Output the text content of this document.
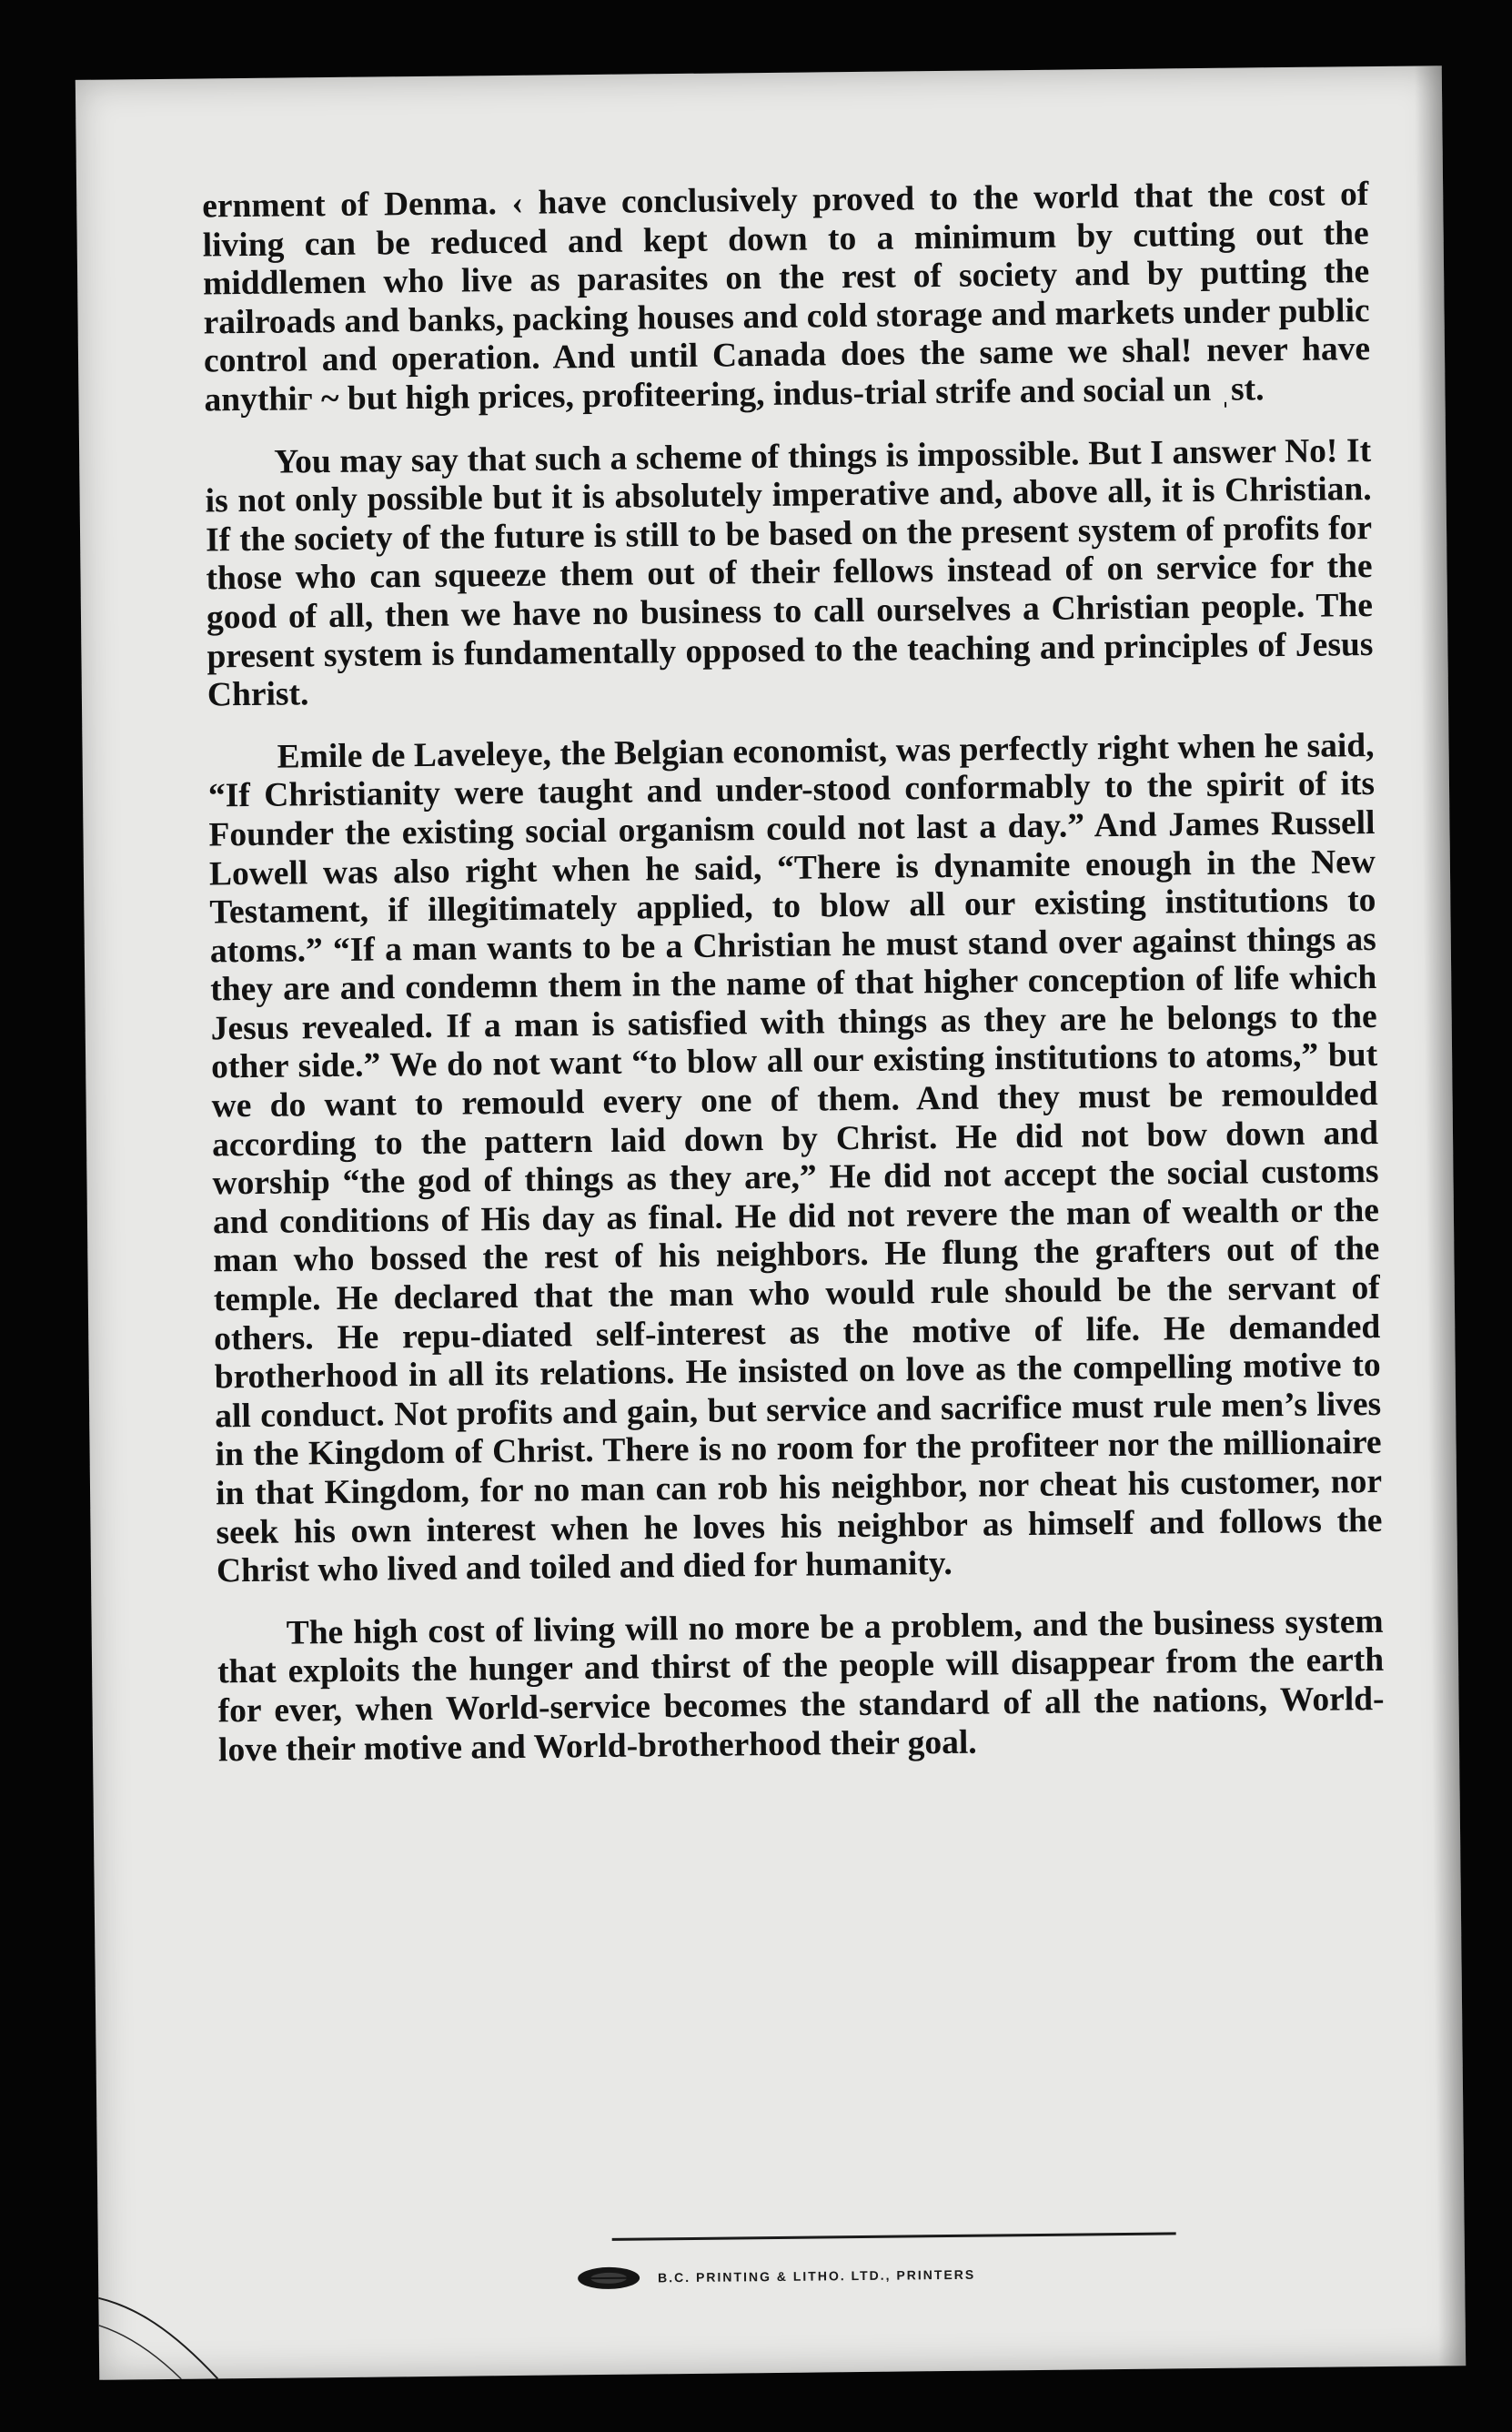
ernment of Denma. ‹ have conclusively proved to the world that the cost of living can be reduced and kept down to a minimum by cutting out the middlemen who live as parasites on the rest of society and by putting the railroads and banks, packing houses and cold storage and markets under public control and operation. And until Canada does the same we shal! never have anythiг ~ but high prices, profiteering, indus-trial strife and social un ˌst.

You may say that such a scheme of things is impossible. But I answer No! It is not only possible but it is absolutely imperative and, above all, it is Christian. If the society of the future is still to be based on the present system of profits for those who can squeeze them out of their fellows instead of on service for the good of all, then we have no business to call ourselves a Christian people. The present system is fundamentally opposed to the teaching and principles of Jesus Christ.

Emile de Laveleye, the Belgian economist, was perfectly right when he said, “If Christianity were taught and under-stood conformably to the spirit of its Founder the existing social organism could not last a day.” And James Russell Lowell was also right when he said, “There is dynamite enough in the New Testament, if illegitimately applied, to blow all our existing institutions to atoms.” “If a man wants to be a Christian he must stand over against things as they are and condemn them in the name of that higher conception of life which Jesus revealed. If a man is satisfied with things as they are he belongs to the other side.” We do not want “to blow all our existing institutions to atoms,” but we do want to remould every one of them. And they must be remoulded according to the pattern laid down by Christ. He did not bow down and worship “the god of things as they are,” He did not accept the social customs and conditions of His day as final. He did not revere the man of wealth or the man who bossed the rest of his neighbors. He flung the grafters out of the temple. He declared that the man who would rule should be the servant of others. He repu-diated self-interest as the motive of life. He demanded brotherhood in all its relations. He insisted on love as the compelling motive to all conduct. Not profits and gain, but service and sacrifice must rule men’s lives in the Kingdom of Christ. There is no room for the profiteer nor the millionaire in that Kingdom, for no man can rob his neighbor, nor cheat his customer, nor seek his own interest when he loves his neighbor as himself and follows the Christ who lived and toiled and died for humanity.

The high cost of living will no more be a problem, and the business system that exploits the hunger and thirst of the people will disappear from the earth for ever, when World-service becomes the standard of all the nations, World-love their motive and World-brotherhood their goal.

B.C. PRINTING & LITHO. LTD., PRINTERS
